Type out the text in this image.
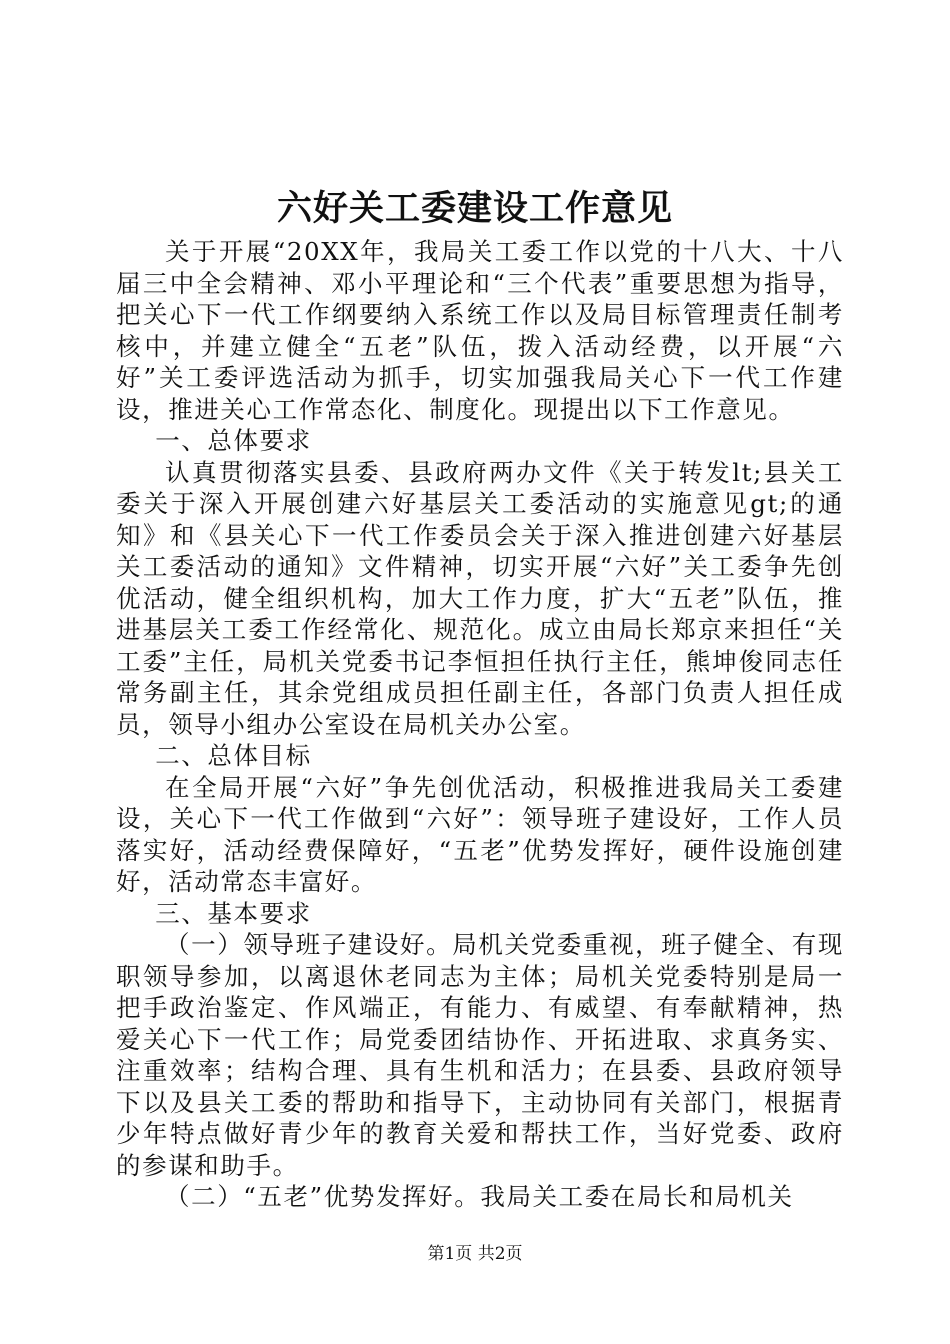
六好关工委建设工作意见

关于开展“20XX年，我局关工委工作以党的十八大、十八届三中全会精神、邓小平理论和“三个代表”重要思想为指导，把关心下一代工作纲要纳入系统工作以及局目标管理责任制考核中，并建立健全“五老”队伍，拨入活动经费，以开展“六好”关工委评选活动为抓手，切实加强我局关心下一代工作建设，推进关心工作常态化、制度化。现提出以下工作意见。

一、总体要求

认真贯彻落实县委、县政府两办文件《关于转发lt;县关工委关于深入开展创建六好基层关工委活动的实施意见gt;的通知》和《县关心下一代工作委员会关于深入推进创建六好基层关工委活动的通知》文件精神，切实开展“六好”关工委争先创优活动，健全组织机构，加大工作力度，扩大“五老”队伍，推进基层关工委工作经常化、规范化。成立由局长郑京来担任“关工委”主任，局机关党委书记李恒担任执行主任，熊坤俊同志任常务副主任，其余党组成员担任副主任，各部门负责人担任成员，领导小组办公室设在局机关办公室。

二、总体目标

在全局开展“六好”争先创优活动，积极推进我局关工委建设，关心下一代工作做到“六好”：领导班子建设好，工作人员落实好，活动经费保障好，“五老”优势发挥好，硬件设施创建好，活动常态丰富好。

三、基本要求

（一）领导班子建设好。局机关党委重视，班子健全、有现职领导参加，以离退休老同志为主体；局机关党委特别是局一把手政治鉴定、作风端正，有能力、有威望、有奉献精神，热爱关心下一代工作；局党委团结协作、开拓进取、求真务实、注重效率；结构合理、具有生机和活力；在县委、县政府领导下以及县关工委的帮助和指导下，主动协同有关部门，根据青少年特点做好青少年的教育关爱和帮扶工作，当好党委、政府的参谋和助手。

（二）“五老”优势发挥好。我局关工委在局长和局机关

第1页 共2页
